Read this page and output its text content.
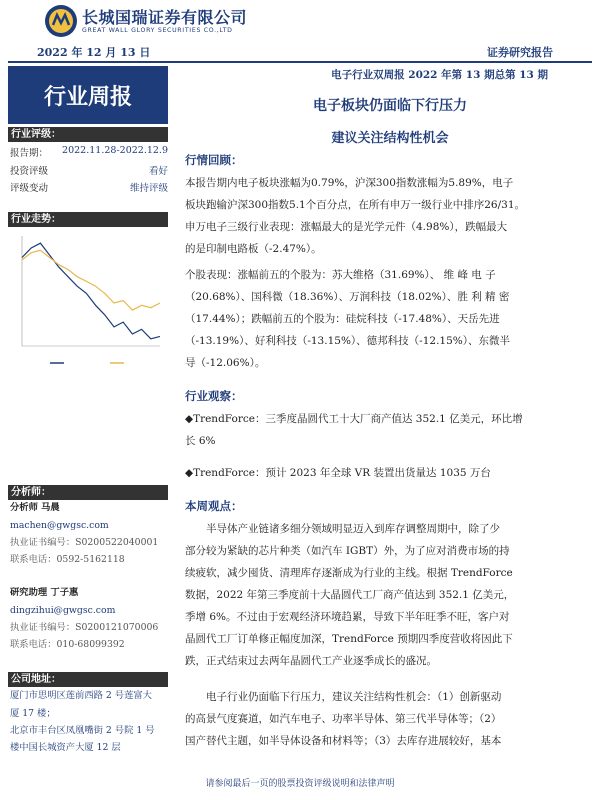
长城国瑞证券有限公司
GREAT WALL GLORY SECURITIES CO.,LTD
2022 年 12 月 13 日	证券研究报告
电子行业双周报 2022 年第 13 期总第 13 期
行业周报
行业评级：
报告期： 2022.11.28-2022.12.9
投资评级	看好
评级变动	维持评级
行业走势：
分析师：
分析师 马晨
machen@gwgsc.com
执业证书编号：S0200522040001
联系电话：0592-5162118
研究助理 丁子惠
dingzihui@gwgsc.com
执业证书编号：S0200121070006
联系电话：010-68099392
公司地址：
厦门市思明区莲前西路 2 号莲富大
厦 17 楼；
北京市丰台区凤凰嘴街 2 号院 1 号
楼中国长城资产大厦 12 层
电子板块仍面临下行压力
建议关注结构性机会
行情回顾：
本报告期内电子板块涨幅为0.79%，沪深300指数涨幅为5.89%，电子
板块跑输沪深300指数5.1个百分点，在所有申万一级行业中排序26/31。
申万电子三级行业表现：涨幅最大的是光学元件（4.98%），跌幅最大
的是印制电路板（-2.47%）。
个股表现：涨幅前五的个股为：苏大维格（31.69%）、 维 峰 电 子
（20.68%）、国科微（18.36%）、万润科技（18.02%）、胜 利 精 密
（17.44%）；跌幅前五的个股为：硅烷科技（-17.48%）、天岳先进
（-13.19%）、好利科技（-13.15%）、德邦科技（-12.15%）、东微半
导（-12.06%）。
行业观察：
◆TrendForce：三季度晶圆代工十大厂商产值达 352.1 亿美元，环比增
长 6%
◆TrendForce：预计 2023 年全球 VR 装置出货量达 1035 万台
本周观点：
半导体产业链诸多细分领域明显迈入到库存调整周期中，除了少
部分较为紧缺的芯片种类（如汽车 IGBT）外，为了应对消费市场的持
续疲软，减少囤货、清理库存逐渐成为行业的主线。根据 TrendForce
数据，2022 年第三季度前十大晶圆代工厂商产值达到 352.1 亿美元，
季增 6%。不过由于宏观经济环境趋累，导致下半年旺季不旺，客户对
晶圆代工厂订单修正幅度加深，TrendForce 预期四季度营收将因此下
跌，正式结束过去两年晶圆代工产业逐季成长的盛况。
电子行业仍面临下行压力，建议关注结构性机会：（1）创新驱动
的高景气度赛道，如汽车电子、功率半导体、第三代半导体等；（2）
国产替代主题，如半导体设备和材料等；（3）去库存进展较好，基本
请参阅最后一页的股票投资评级说明和法律声明
